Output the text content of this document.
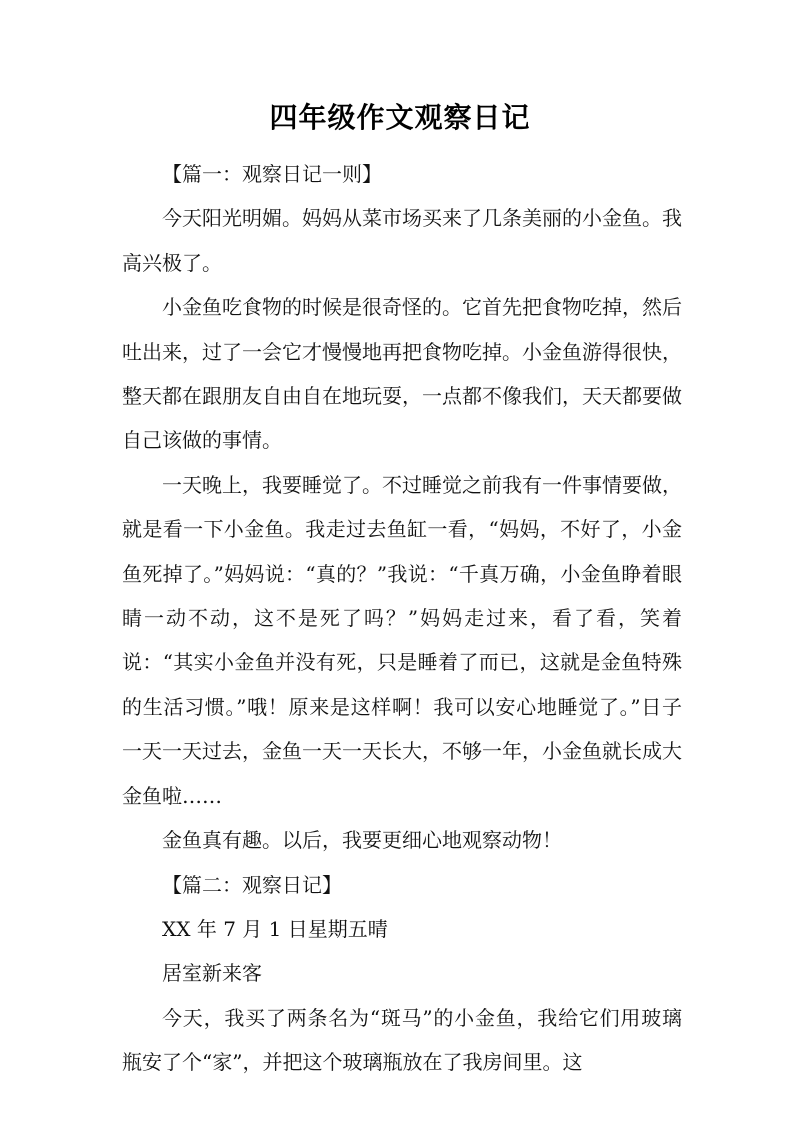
四年级作文观察日记

【篇一：观察日记一则】

今天阳光明媚。妈妈从菜市场买来了几条美丽的小金鱼。我高兴极了。

小金鱼吃食物的时候是很奇怪的。它首先把食物吃掉，然后吐出来，过了一会它才慢慢地再把食物吃掉。小金鱼游得很快，整天都在跟朋友自由自在地玩耍，一点都不像我们，天天都要做自己该做的事情。

一天晚上，我要睡觉了。不过睡觉之前我有一件事情要做，就是看一下小金鱼。我走过去鱼缸一看，“妈妈，不好了，小金鱼死掉了。”妈妈说：“真的？”我说：“千真万确，小金鱼睁着眼睛一动不动，这不是死了吗？”妈妈走过来，看了看，笑着说：“其实小金鱼并没有死，只是睡着了而已，这就是金鱼特殊的生活习惯。”哦！原来是这样啊！我可以安心地睡觉了。”日子一天一天过去，金鱼一天一天长大，不够一年，小金鱼就长成大金鱼啦……

金鱼真有趣。以后，我要更细心地观察动物！

【篇二：观察日记】

XX 年 7 月 1 日星期五晴

居室新来客

今天，我买了两条名为“斑马”的小金鱼，我给它们用玻璃瓶安了个“家”，并把这个玻璃瓶放在了我房间里。这
